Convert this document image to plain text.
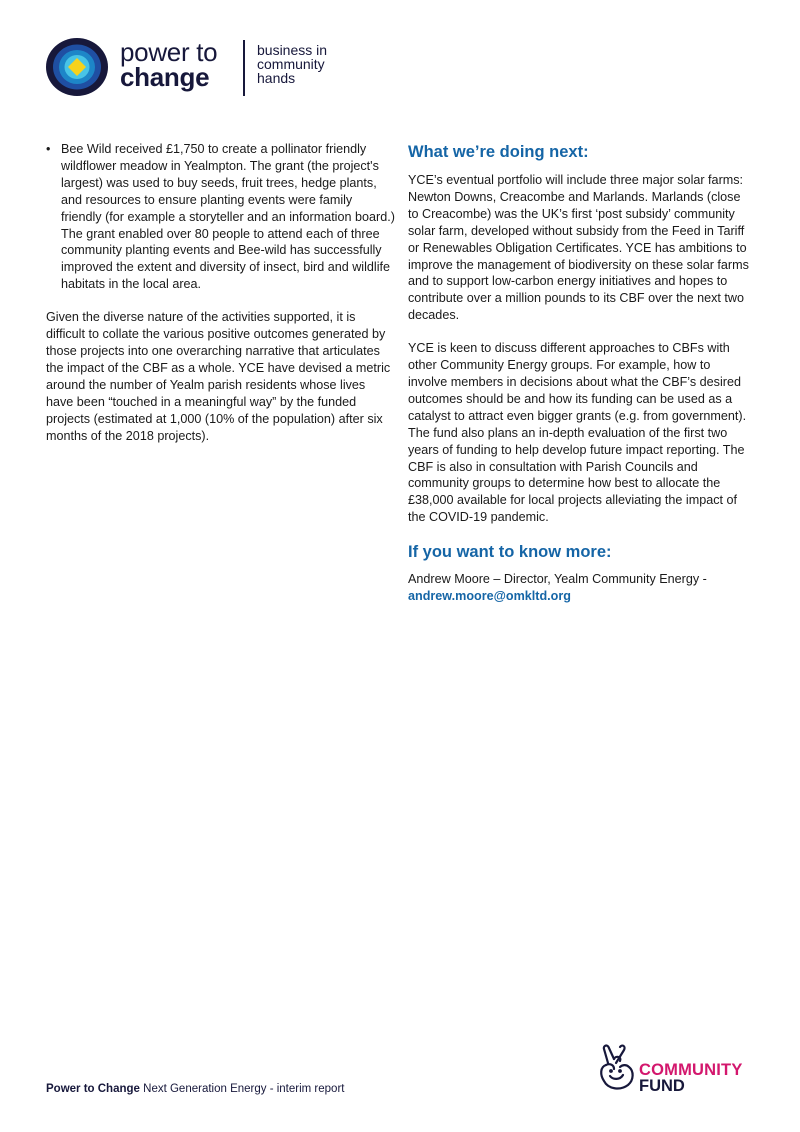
power to
change
business in
community
hands
• Bee Wild received £1,750 to create a pollinator friendly wildflower meadow in Yealmpton. The grant (the project's largest) was used to buy seeds, fruit trees, hedge plants, and resources to ensure planting events were family friendly (for example a storyteller and an information board.) The grant enabled over 80 people to attend each of three community planting events and Bee-wild has successfully improved the extent and diversity of insect, bird and wildlife habitats in the local area.

Given the diverse nature of the activities supported, it is difficult to collate the various positive outcomes generated by those projects into one overarching narrative that articulates the impact of the CBF as a whole. YCE have devised a metric around the number of Yealm parish residents whose lives have been “touched in a meaningful way” by the funded projects (estimated at 1,000 (10% of the population) after six months of the 2018 projects).

What we’re doing next:

YCE’s eventual portfolio will include three major solar farms: Newton Downs, Creacombe and Marlands. Marlands (close to Creacombe) was the UK’s first ‘post subsidy’ community solar farm, developed without subsidy from the Feed in Tariff or Renewables Obligation Certificates. YCE has ambitions to improve the management of biodiversity on these solar farms and to support low-carbon energy initiatives and hopes to contribute over a million pounds to its CBF over the next two decades.

YCE is keen to discuss different approaches to CBFs with other Community Energy groups. For example, how to involve members in decisions about what the CBF’s desired outcomes should be and how its funding can be used as a catalyst to attract even bigger grants (e.g. from government). The fund also plans an in-depth evaluation of the first two years of funding to help develop future impact reporting. The CBF is also in consultation with Parish Councils and community groups to determine how best to allocate the £38,000 available for local projects alleviating the impact of the COVID-19 pandemic.

If you want to know more:

Andrew Moore – Director, Yealm Community Energy -
andrew.moore@omkltd.org

Power to Change Next Generation Energy - interim report
COMMUNITY
FUND
